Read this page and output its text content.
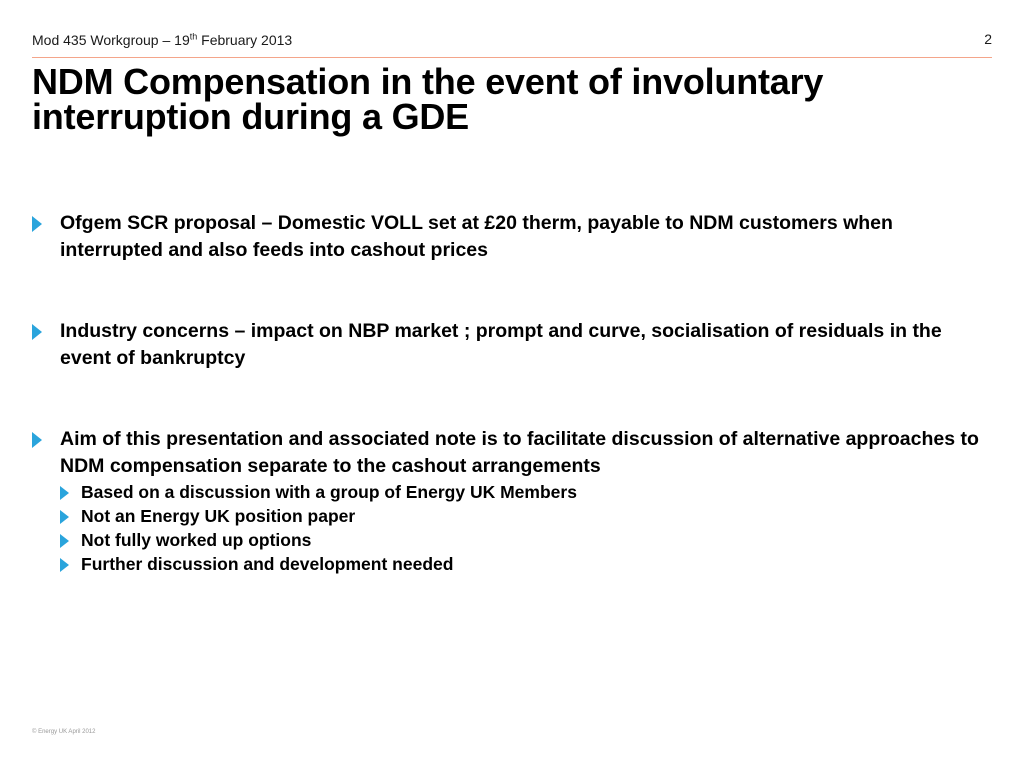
Mod 435 Workgroup – 19th February 2013	2
NDM Compensation in the event of involuntary interruption during a GDE
Ofgem SCR proposal – Domestic VOLL set at £20 therm, payable to NDM customers when interrupted and also feeds into cashout prices
Industry concerns – impact on NBP market ; prompt and curve, socialisation of residuals in the event of bankruptcy
Aim of this presentation and associated note is to facilitate discussion of alternative approaches to NDM compensation separate to the cashout arrangements
Based on a discussion with a group of Energy UK Members
Not an Energy UK position paper
Not fully worked up options
Further discussion and development needed
© Energy UK April 2012
